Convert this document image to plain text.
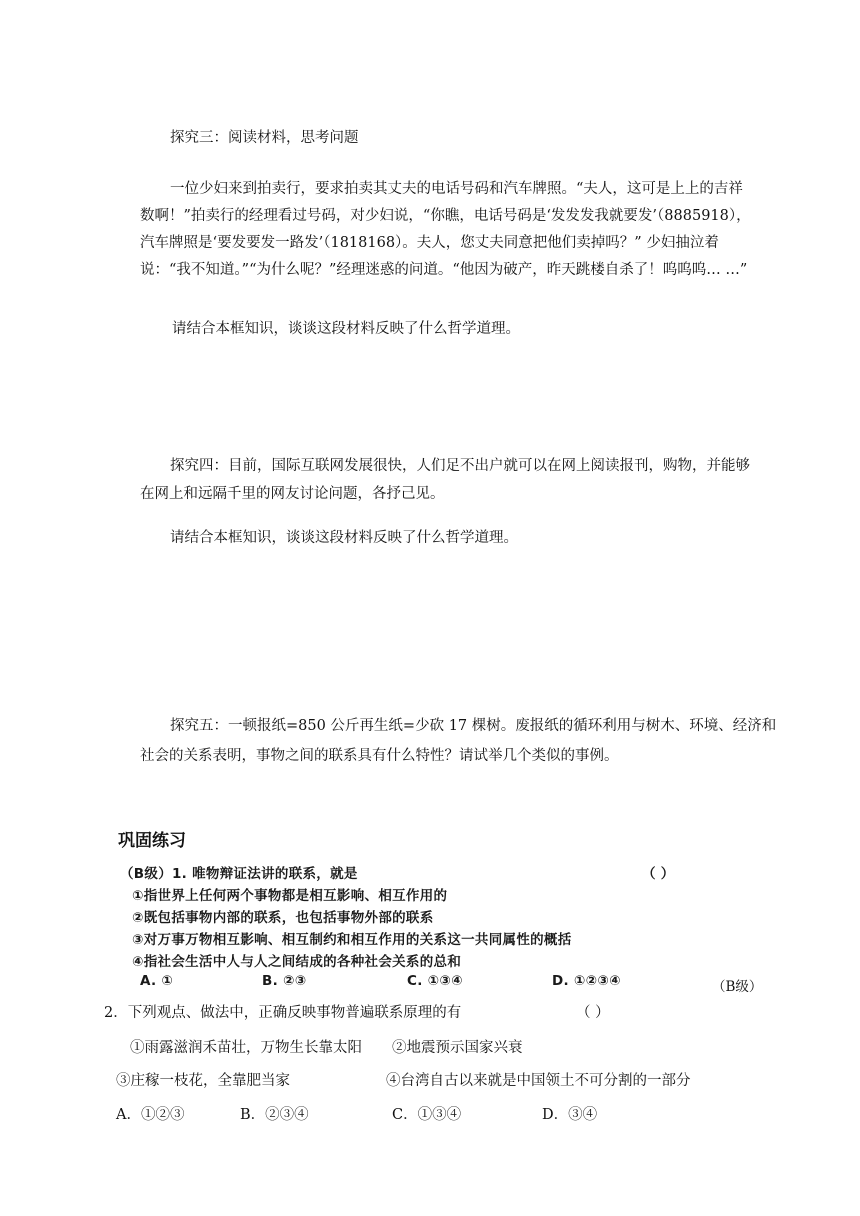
探究三：阅读材料，思考问题
一位少妇来到拍卖行，要求拍卖其丈夫的电话号码和汽车牌照。“夫人，这可是上上的吉祥
数啊！”拍卖行的经理看过号码，对少妇说，“你瞧，电话号码是‘发发发我就要发’（8885918），
汽车牌照是‘要发要发一路发’（1818168）。夫人，您丈夫同意把他们卖掉吗？” 少妇抽泣着
说：“我不知道。”“为什么呢？”经理迷惑的问道。“他因为破产，昨天跳楼自杀了！呜呜呜… …”
请结合本框知识，谈谈这段材料反映了什么哲学道理。
探究四：目前，国际互联网发展很快，人们足不出户就可以在网上阅读报刊，购物，并能够
在网上和远隔千里的网友讨论问题，各抒己见。
请结合本框知识，谈谈这段材料反映了什么哲学道理。
探究五：一顿报纸=850 公斤再生纸=少砍 17 棵树。废报纸的循环利用与树木、环境、经济和
社会的关系表明，事物之间的联系具有什么特性？请试举几个类似的事例。
巩固练习
（B级）1. 唯物辩证法讲的联系，就是	（ ）
①指世界上任何两个事物都是相互影响、相互作用的
②既包括事物内部的联系，也包括事物外部的联系
③对万事万物相互影响、相互制约和相互作用的关系这一共同属性的概括
④指社会生活中人与人之间结成的各种社会关系的总和
A. ①	B. ②③	C. ①③④	D. ①②③④	（B级）
2．下列观点、做法中，正确反映事物普遍联系原理的有	（ ）
①雨露滋润禾苗壮，万物生长靠太阳 ②地震预示国家兴衰
③庄稼一枝花，全靠肥当家	④台湾自古以来就是中国领土不可分割的一部分
A．①②③	B．②③④	C．①③④	D．③④
